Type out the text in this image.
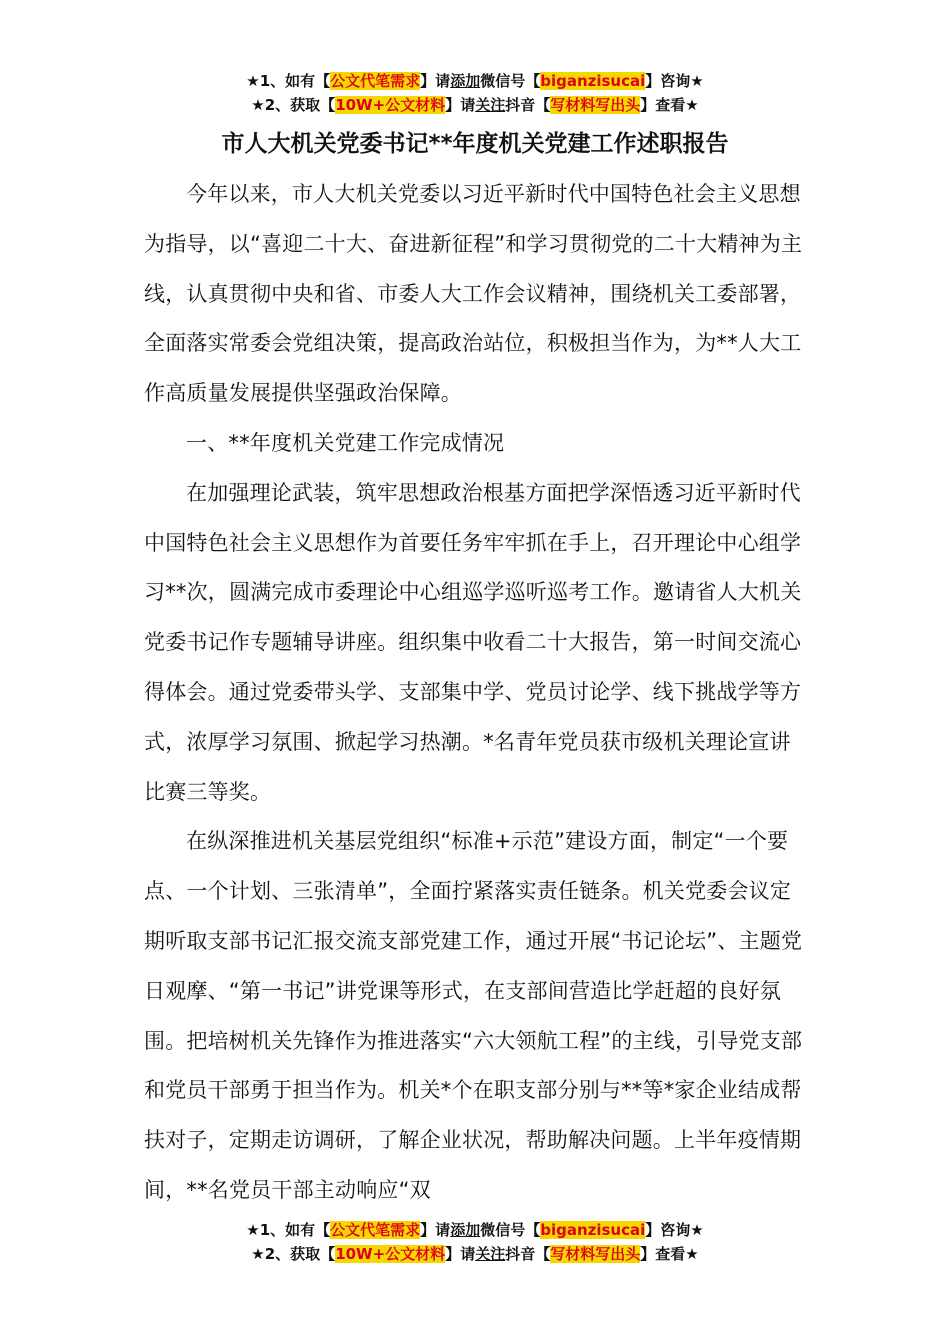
★1、如有【公文代笔需求】请添加微信号【biganzisucai】咨询★
★2、获取【10W+公文材料】请关注抖音【写材料写出头】查看★
市人大机关党委书记**年度机关党建工作述职报告

今年以来，市人大机关党委以习近平新时代中国特色社会主义思想为指导，以“喜迎二十大、奋进新征程”和学习贯彻党的二十大精神为主线，认真贯彻中央和省、市委人大工作会议精神，围绕机关工委部署，全面落实常委会党组决策，提高政治站位，积极担当作为，为**人大工作高质量发展提供坚强政治保障。

一、**年度机关党建工作完成情况

在加强理论武装，筑牢思想政治根基方面把学深悟透习近平新时代中国特色社会主义思想作为首要任务牢牢抓在手上，召开理论中心组学习**次，圆满完成市委理论中心组巡学巡听巡考工作。邀请省人大机关党委书记作专题辅导讲座。组织集中收看二十大报告，第一时间交流心得体会。通过党委带头学、支部集中学、党员讨论学、线下挑战学等方式，浓厚学习氛围、掀起学习热潮。*名青年党员获市级机关理论宣讲比赛三等奖。

在纵深推进机关基层党组织“标准+示范”建设方面，制定“一个要点、一个计划、三张清单”，全面拧紧落实责任链条。机关党委会议定期听取支部书记汇报交流支部党建工作，通过开展“书记论坛”、主题党日观摩、“第一书记”讲党课等形式，在支部间营造比学赶超的良好氛围。把培树机关先锋作为推进落实“六大领航工程”的主线，引导党支部和党员干部勇于担当作为。机关*个在职支部分别与**等*家企业结成帮扶对子，定期走访调研，了解企业状况，帮助解决问题。上半年疫情期间，**名党员干部主动响应“双

★1、如有【公文代笔需求】请添加微信号【biganzisucai】咨询★
★2、获取【10W+公文材料】请关注抖音【写材料写出头】查看★
